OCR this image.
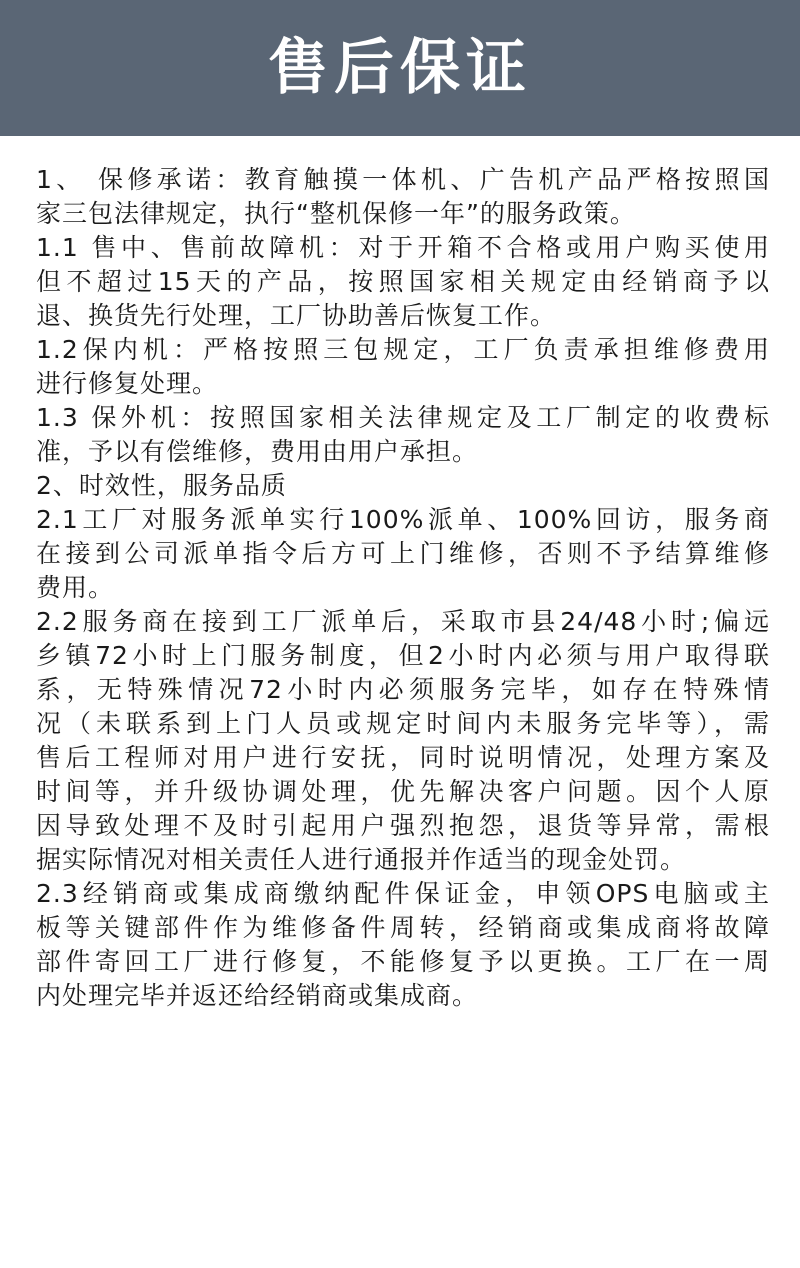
售后保证

1、 保修承诺：教育触摸一体机、广告机产品严格按照国

家三包法律规定，执行“整机保修一年”的服务政策。

1.1 售中、售前故障机：对于开箱不合格或用户购买使用

但不超过15天的产品，按照国家相关规定由经销商予以

退、换货先行处理，工厂协助善后恢复工作。

1.2保内机：严格按照三包规定，工厂负责承担维修费用

进行修复处理。

1.3 保外机：按照国家相关法律规定及工厂制定的收费标

准，予以有偿维修，费用由用户承担。

2、时效性，服务品质

2.1工厂对服务派单实行100%派单、100%回访，服务商

在接到公司派单指令后方可上门维修，否则不予结算维修

费用。

2.2服务商在接到工厂派单后，采取市县24/48小时;偏远

乡镇72小时上门服务制度，但2小时内必须与用户取得联

系，无特殊情况72小时内必须服务完毕，如存在特殊情

况（未联系到上门人员或规定时间内未服务完毕等），需

售后工程师对用户进行安抚，同时说明情况，处理方案及

时间等，并升级协调处理，优先解决客户问题。因个人原

因导致处理不及时引起用户强烈抱怨，退货等异常，需根

据实际情况对相关责任人进行通报并作适当的现金处罚。

2.3经销商或集成商缴纳配件保证金，申领OPS电脑或主

板等关键部件作为维修备件周转，经销商或集成商将故障

部件寄回工厂进行修复，不能修复予以更换。工厂在一周

内处理完毕并返还给经销商或集成商。
